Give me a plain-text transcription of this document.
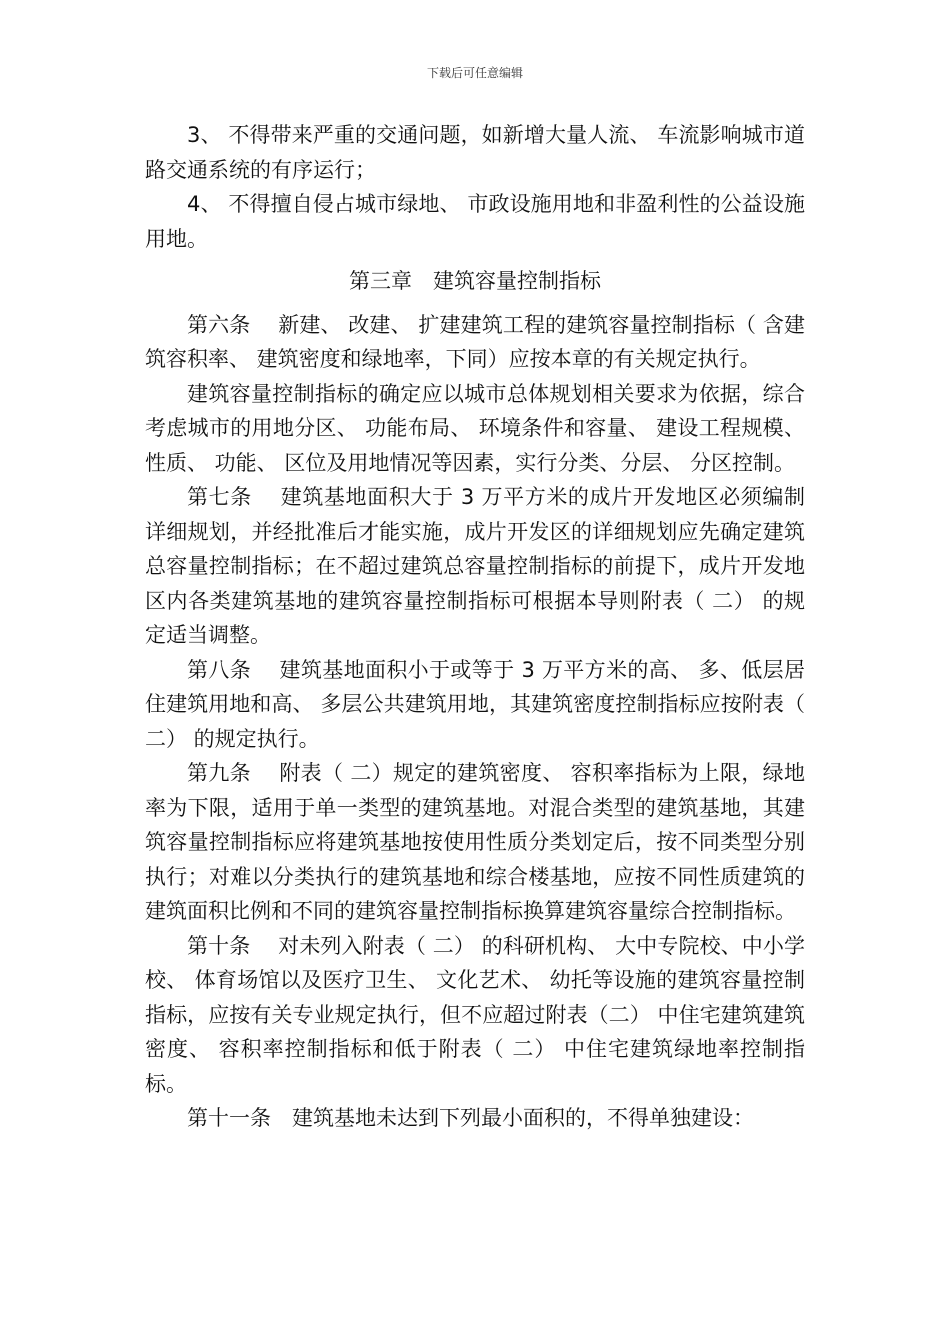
下载后可任意编辑

3、 不得带来严重的交通问题，如新增大量人流、 车流影响城市道路交通系统的有序运行；

4、 不得擅自侵占城市绿地、 市政设施用地和非盈利性的公益设施用地。

第三章　建筑容量控制指标

第六条　 新建、 改建、 扩建建筑工程的建筑容量控制指标（ 含建筑容积率、 建筑密度和绿地率，下同）应按本章的有关规定执行。

建筑容量控制指标的确定应以城市总体规划相关要求为依据，综合考虑城市的用地分区、 功能布局、 环境条件和容量、 建设工程规模、 性质、 功能、 区位及用地情况等因素，实行分类、分层、 分区控制。

第七条　 建筑基地面积大于 3 万平方米的成片开发地区必须编制详细规划，并经批准后才能实施，成片开发区的详细规划应先确定建筑总容量控制指标；在不超过建筑总容量控制指标的前提下，成片开发地区内各类建筑基地的建筑容量控制指标可根据本导则附表（ 二） 的规定适当调整。

第八条　 建筑基地面积小于或等于 3 万平方米的高、 多、低层居住建筑用地和高、 多层公共建筑用地，其建筑密度控制指标应按附表（ 二） 的规定执行。

第九条　 附表（ 二）规定的建筑密度、 容积率指标为上限，绿地率为下限，适用于单一类型的建筑基地。对混合类型的建筑基地，其建筑容量控制指标应将建筑基地按使用性质分类划定后，按不同类型分别执行；对难以分类执行的建筑基地和综合楼基地，应按不同性质建筑的建筑面积比例和不同的建筑容量控制指标换算建筑容量综合控制指标。

第十条　 对未列入附表（ 二） 的科研机构、 大中专院校、中小学校、 体育场馆以及医疗卫生、 文化艺术、 幼托等设施的建筑容量控制指标，应按有关专业规定执行，但不应超过附表（二） 中住宅建筑建筑密度、 容积率控制指标和低于附表（ 二） 中住宅建筑绿地率控制指标。

第十一条　建筑基地未达到下列最小面积的，不得单独建设：
